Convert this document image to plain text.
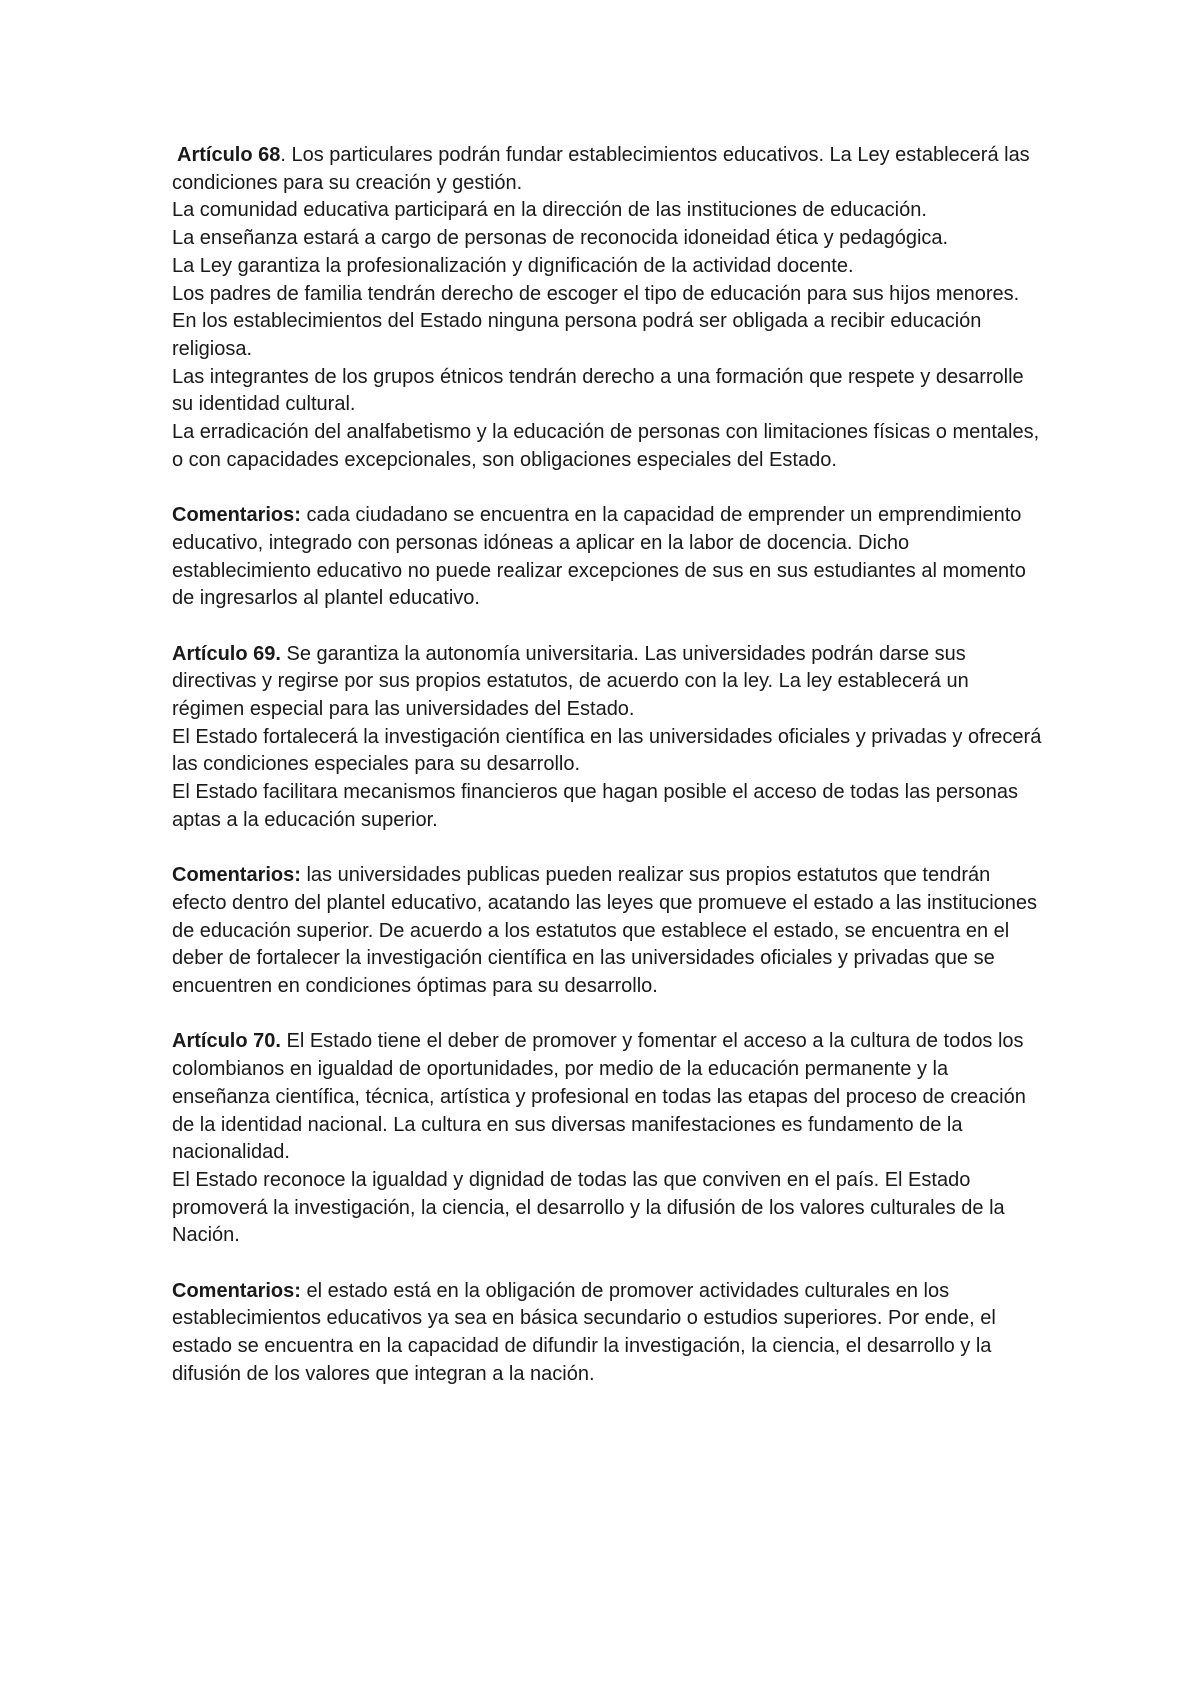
Artículo 68. Los particulares podrán fundar establecimientos educativos. La Ley establecerá las condiciones para su creación y gestión.

La comunidad educativa participará en la dirección de las instituciones de educación.

La enseñanza estará a cargo de personas de reconocida idoneidad ética y pedagógica.

La Ley garantiza la profesionalización y dignificación de la actividad docente.

Los padres de familia tendrán derecho de escoger el tipo de educación para sus hijos menores. En los establecimientos del Estado ninguna persona podrá ser obligada a recibir educación religiosa.

Las integrantes de los grupos étnicos tendrán derecho a una formación que respete y desarrolle su identidad cultural.

La erradicación del analfabetismo y la educación de personas con limitaciones físicas o mentales, o con capacidades excepcionales, son obligaciones especiales del Estado.

Comentarios: cada ciudadano se encuentra en la capacidad de emprender un emprendimiento educativo, integrado con personas idóneas a aplicar en la labor de docencia. Dicho establecimiento educativo no puede realizar excepciones de sus en sus estudiantes al momento de ingresarlos al plantel educativo.

Artículo 69. Se garantiza la autonomía universitaria. Las universidades podrán darse sus directivas y regirse por sus propios estatutos, de acuerdo con la ley. La ley establecerá un régimen especial para las universidades del Estado.

El Estado fortalecerá la investigación científica en las universidades oficiales y privadas y ofrecerá las condiciones especiales para su desarrollo.

El Estado facilitara mecanismos financieros que hagan posible el acceso de todas las personas aptas a la educación superior.

Comentarios: las universidades publicas pueden realizar sus propios estatutos que tendrán efecto dentro del plantel educativo, acatando las leyes que promueve el estado a las instituciones de educación superior. De acuerdo a los estatutos que establece el estado, se encuentra en el deber de fortalecer la investigación científica en las universidades oficiales y privadas que se encuentren en condiciones óptimas para su desarrollo.

Artículo 70. El Estado tiene el deber de promover y fomentar el acceso a la cultura de todos los colombianos en igualdad de oportunidades, por medio de la educación permanente y la enseñanza científica, técnica, artística y profesional en todas las etapas del proceso de creación de la identidad nacional. La cultura en sus diversas manifestaciones es fundamento de la nacionalidad.

El Estado reconoce la igualdad y dignidad de todas las que conviven en el país. El Estado promoverá la investigación, la ciencia, el desarrollo y la difusión de los valores culturales de la Nación.

Comentarios: el estado está en la obligación de promover actividades culturales en los establecimientos educativos ya sea en básica secundario o estudios superiores. Por ende, el estado se encuentra en la capacidad de difundir la investigación, la ciencia, el desarrollo y la difusión de los valores que integran a la nación.
